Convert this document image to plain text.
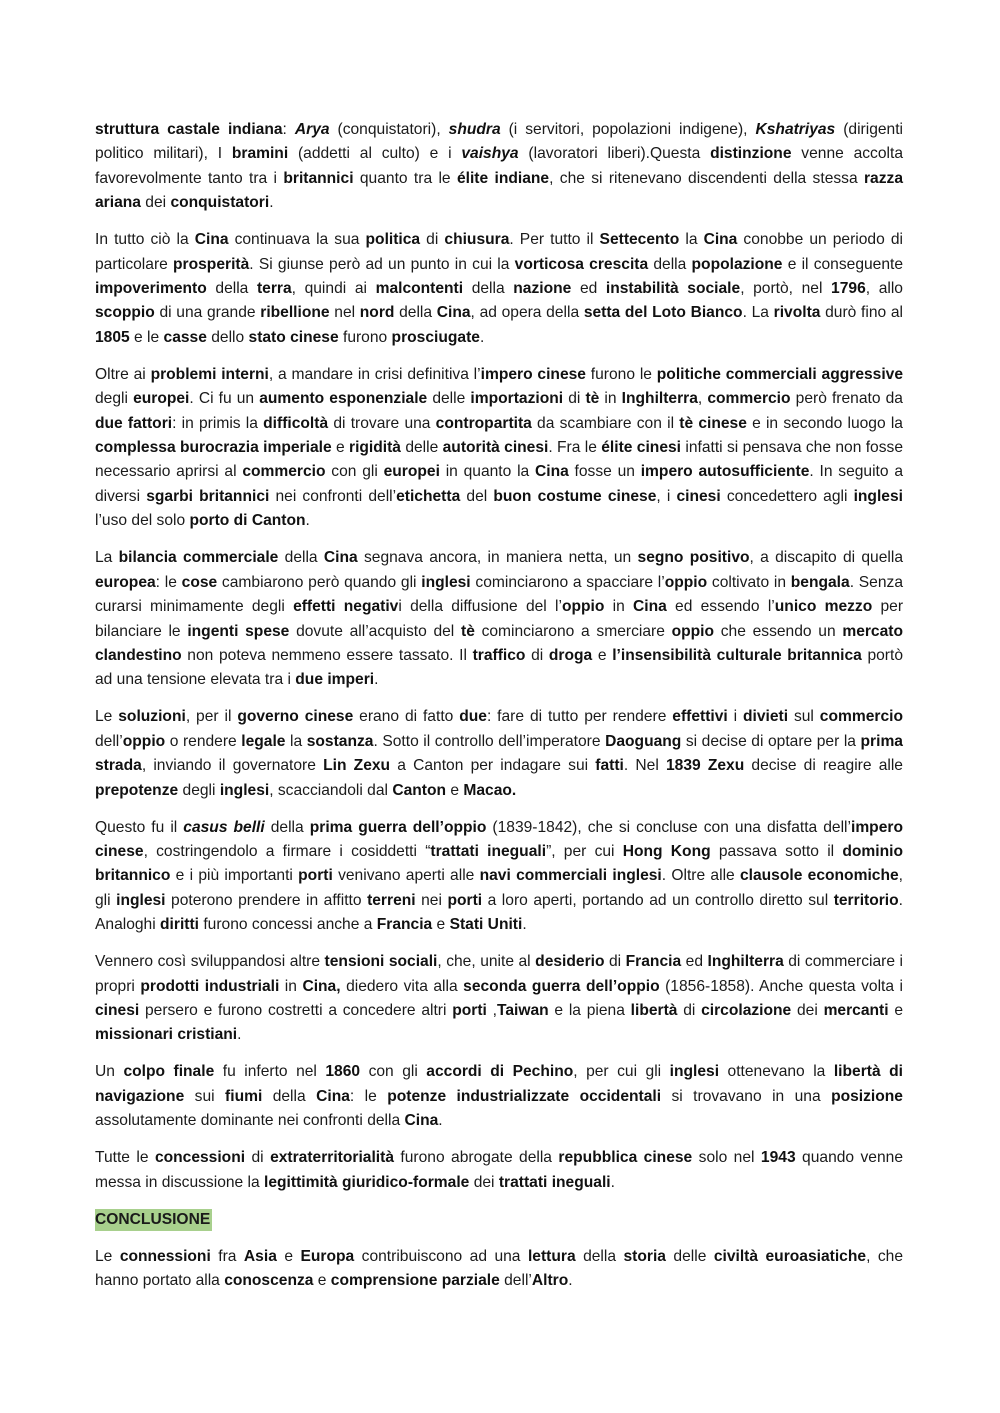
struttura castale indiana: Arya (conquistatori), shudra (i servitori, popolazioni indigene), Kshatriyas (dirigenti politico militari), I bramini (addetti al culto) e i vaishya (lavoratori liberi).Questa distinzione venne accolta favorevolmente tanto tra i britannici quanto tra le élite indiane, che si ritenevano discendenti della stessa razza ariana dei conquistatori.

In tutto ciò la Cina continuava la sua politica di chiusura. Per tutto il Settecento la Cina conobbe un periodo di particolare prosperità. Si giunse però ad un punto in cui la vorticosa crescita della popolazione e il conseguente impoverimento della terra, quindi ai malcontenti della nazione ed instabilità sociale, portò, nel 1796, allo scoppio di una grande ribellione nel nord della Cina, ad opera della setta del Loto Bianco. La rivolta durò fino al 1805 e le casse dello stato cinese furono prosciugate.

Oltre ai problemi interni, a mandare in crisi definitiva l’impero cinese furono le politiche commerciali aggressive degli europei. Ci fu un aumento esponenziale delle importazioni di tè in Inghilterra, commercio però frenato da due fattori: in primis la difficoltà di trovare una contropartita da scambiare con il tè cinese e in secondo luogo la complessa burocrazia imperiale e rigidità delle autorità cinesi. Fra le élite cinesi infatti si pensava che non fosse necessario aprirsi al commercio con gli europei in quanto la Cina fosse un impero autosufficiente. In seguito a diversi sgarbi britannici nei confronti dell’etichetta del buon costume cinese, i cinesi concedettero agli inglesi l’uso del solo porto di Canton.

La bilancia commerciale della Cina segnava ancora, in maniera netta, un segno positivo, a discapito di quella europea: le cose cambiarono però quando gli inglesi cominciarono a spacciare l’oppio coltivato in bengala. Senza curarsi minimamente degli effetti negativi della diffusione del l’oppio in Cina ed essendo l’unico mezzo per bilanciare le ingenti spese dovute all’acquisto del tè cominciarono a smerciare oppio che essendo un mercato clandestino non poteva nemmeno essere tassato. Il traffico di droga e l’insensibilità culturale britannica portò ad una tensione elevata tra i due imperi.

Le soluzioni, per il governo cinese erano di fatto due: fare di tutto per rendere effettivi i divieti sul commercio dell’oppio o rendere legale la sostanza. Sotto il controllo dell’imperatore Daoguang si decise di optare per la prima strada, inviando il governatore Lin Zexu a Canton per indagare sui fatti. Nel 1839 Zexu decise di reagire alle prepotenze degli inglesi, scacciandoli dal Canton e Macao.

Questo fu il casus belli della prima guerra dell’oppio (1839-1842), che si concluse con una disfatta dell’impero cinese, costringendolo a firmare i cosiddetti “trattati ineguali”, per cui Hong Kong passava sotto il dominio britannico e i più importanti porti venivano aperti alle navi commerciali inglesi. Oltre alle clausole economiche, gli inglesi poterono prendere in affitto terreni nei porti a loro aperti, portando ad un controllo diretto sul territorio. Analoghi diritti furono concessi anche a Francia e Stati Uniti.

Vennero così sviluppandosi altre tensioni sociali, che, unite al desiderio di Francia ed Inghilterra di commerciare i propri prodotti industriali in Cina, diedero vita alla seconda guerra dell’oppio (1856-1858). Anche questa volta i cinesi persero e furono costretti a concedere altri porti ,Taiwan e la piena libertà di circolazione dei mercanti e missionari cristiani.

Un colpo finale fu inferto nel 1860 con gli accordi di Pechino, per cui gli inglesi ottenevano la libertà di navigazione sui fiumi della Cina: le potenze industrializzate occidentali si trovavano in una posizione assolutamente dominante nei confronti della Cina.

Tutte le concessioni di extraterritorialità furono abrogate della repubblica cinese solo nel 1943 quando venne messa in discussione la legittimità giuridico-formale dei trattati ineguali.

CONCLUSIONE

Le connessioni fra Asia e Europa contribuiscono ad una lettura della storia delle civiltà euroasiatiche, che hanno portato alla conoscenza e comprensione parziale dell’Altro.
